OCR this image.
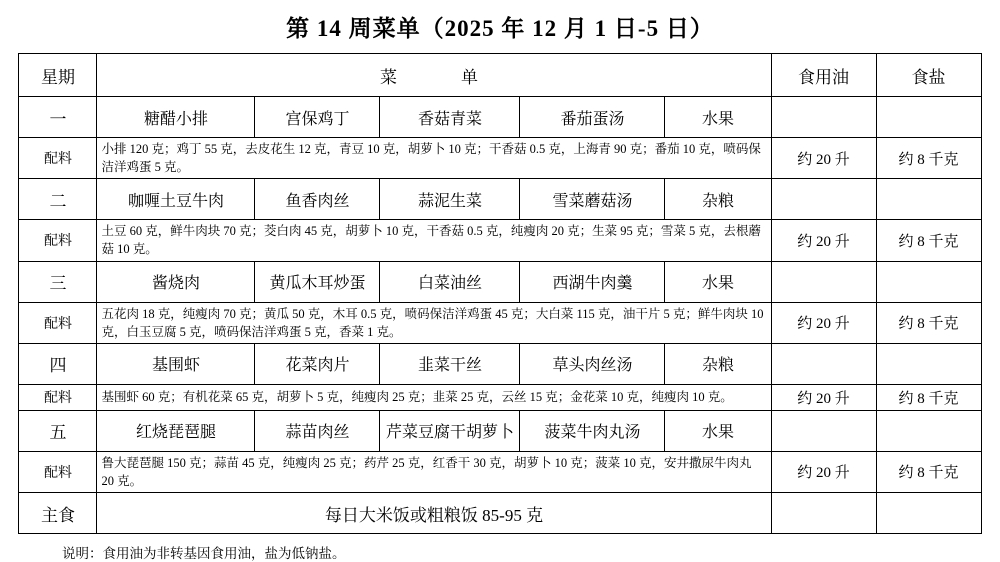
第 14 周菜单（2025 年 12 月 1 日-5 日）
星期	菜　　单					食用油	食盐
一	糖醋小排	宫保鸡丁	香菇青菜	番茄蛋汤	水果		
配料	小排 120 克；鸡丁 55 克，去皮花生 12 克，青豆 10 克，胡萝卜 10 克；干香菇 0.5 克，上海青 90 克；番茄 10 克，喷码保洁洋鸡蛋 5 克。					约 20 升	约 8 千克
二	咖喱土豆牛肉	鱼香肉丝	蒜泥生菜	雪菜蘑菇汤	杂粮		
配料	土豆 60 克，鲜牛肉块 70 克；茭白肉 45 克，胡萝卜 10 克，干香菇 0.5 克，纯瘦肉 20 克；生菜 95 克；雪菜 5 克，去根蘑菇 10 克。					约 20 升	约 8 千克
三	酱烧肉	黄瓜木耳炒蛋	白菜油丝	西湖牛肉羹	水果		
配料	五花肉 18 克，纯瘦肉 70 克；黄瓜 50 克，木耳 0.5 克，喷码保洁洋鸡蛋 45 克；大白菜 115 克，油干片 5 克；鲜牛肉块 10 克，白玉豆腐 5 克，喷码保洁洋鸡蛋 5 克，香菜 1 克。					约 20 升	约 8 千克
四	基围虾	花菜肉片	韭菜干丝	草头肉丝汤	杂粮		
配料	基围虾 60 克；有机花菜 65 克，胡萝卜 5 克，纯瘦肉 25 克；韭菜 25 克，云丝 15 克；金花菜 10 克，纯瘦肉 10 克。					约 20 升	约 8 千克
五	红烧琵琶腿	蒜苗肉丝	芹菜豆腐干胡萝卜	菠菜牛肉丸汤	水果		
配料	鲁大琵琶腿 150 克；蒜苗 45 克，纯瘦肉 25 克；药芹 25 克，红香干 30 克，胡萝卜 10 克；菠菜 10 克，安井撒尿牛肉丸 20 克。					约 20 升	约 8 千克
主食	每日大米饭或粗粮饭 85-95 克						
说明：食用油为非转基因食用油，盐为低钠盐。
